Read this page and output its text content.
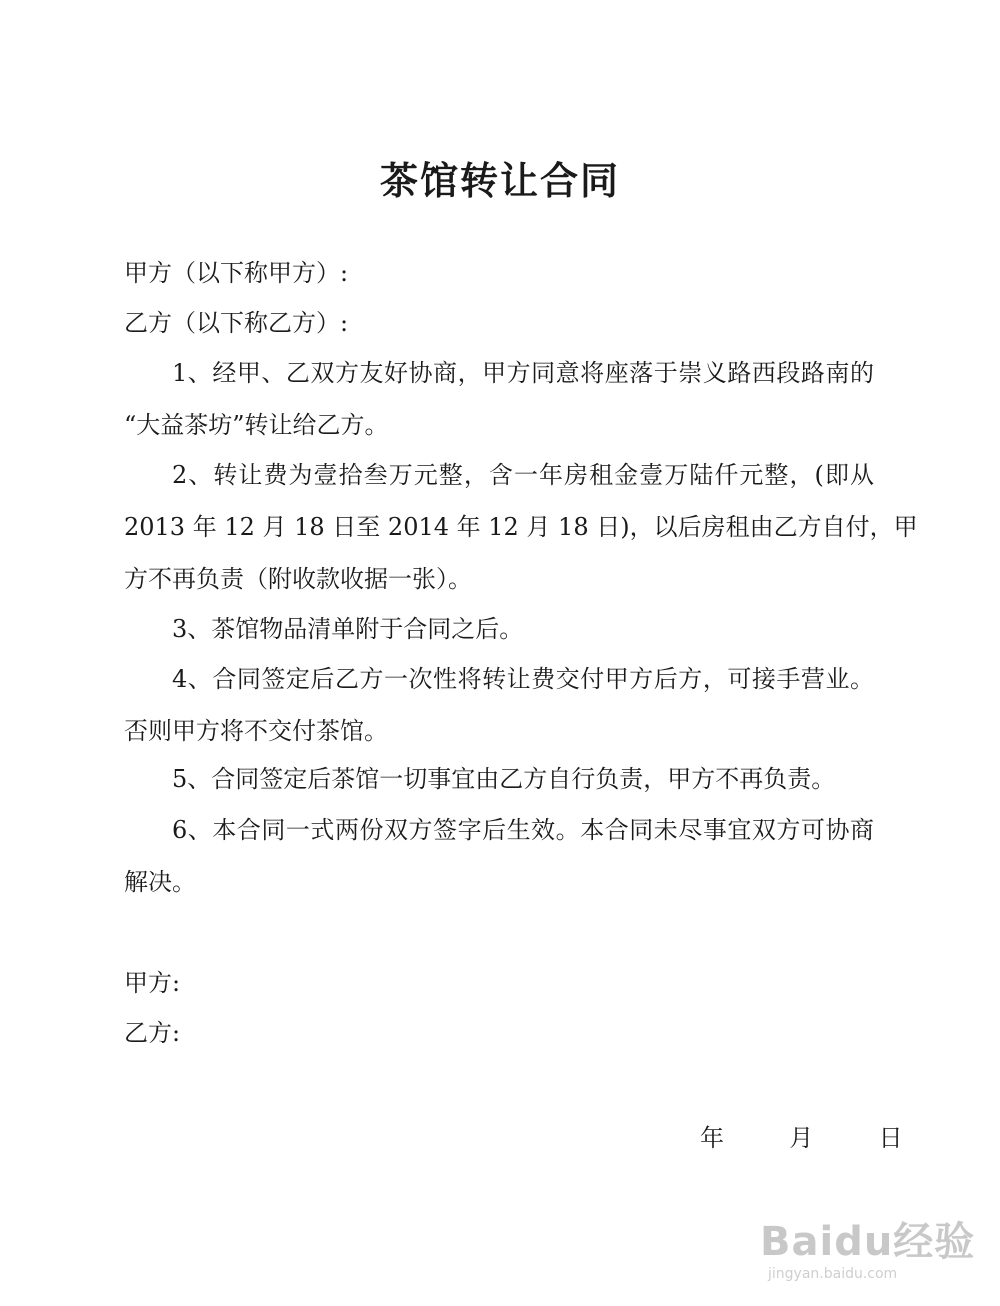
茶馆转让合同
甲方（以下称甲方）:
乙方（以下称乙方）:
1、经甲、乙双方友好协商，甲方同意将座落于崇义路西段路南的
“大益茶坊”转让给乙方。
2、转让费为壹拾叁万元整，含一年房租金壹万陆仟元整，(即从
2013 年 12 月 18 日至 2014 年 12 月 18 日)，以后房租由乙方自付，甲
方不再负责（附收款收据一张）。
3、茶馆物品清单附于合同之后。
4、合同签定后乙方一次性将转让费交付甲方后方，可接手营业。
否则甲方将不交付茶馆。
5、合同签定后茶馆一切事宜由乙方自行负责，甲方不再负责。
6、本合同一式两份双方签字后生效。本合同未尽事宜双方可协商
解决。
甲方:
乙方:
年	月	日
Baidu经验
jingyan.baidu.com
